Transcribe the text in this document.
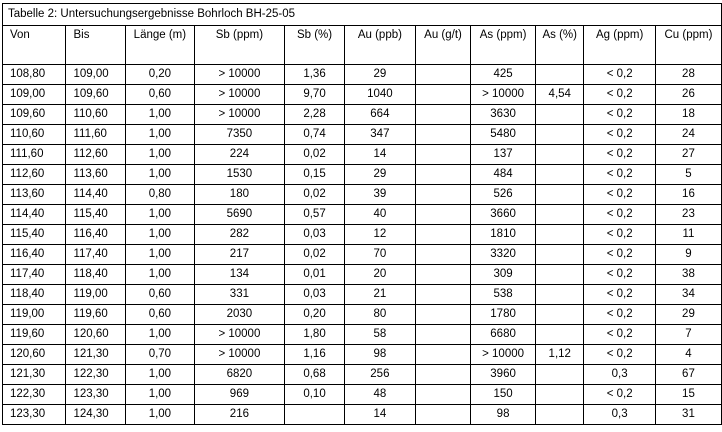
Tabelle 2: Untersuchungsergebnisse Bohrloch BH-25-05										
Von	Bis	Länge (m)	Sb (ppm)	Sb (%)	Au (ppb)	Au (g/t)	As (ppm)	As (%)	Ag (ppm)	Cu (ppm)
108,80	109,00	0,20	> 10000	1,36	29		425		< 0,2	28
109,00	109,60	0,60	> 10000	9,70	1040		> 10000	4,54	< 0,2	26
109,60	110,60	1,00	> 10000	2,28	664		3630		< 0,2	18
110,60	111,60	1,00	7350	0,74	347		5480		< 0,2	24
111,60	112,60	1,00	224	0,02	14		137		< 0,2	27
112,60	113,60	1,00	1530	0,15	29		484		< 0,2	5
113,60	114,40	0,80	180	0,02	39		526		< 0,2	16
114,40	115,40	1,00	5690	0,57	40		3660		< 0,2	23
115,40	116,40	1,00	282	0,03	12		1810		< 0,2	11
116,40	117,40	1,00	217	0,02	70		3320		< 0,2	9
117,40	118,40	1,00	134	0,01	20		309		< 0,2	38
118,40	119,00	0,60	331	0,03	21		538		< 0,2	34
119,00	119,60	0,60	2030	0,20	80		1780		< 0,2	29
119,60	120,60	1,00	> 10000	1,80	58		6680		< 0,2	7
120,60	121,30	0,70	> 10000	1,16	98		> 10000	1,12	< 0,2	4
121,30	122,30	1,00	6820	0,68	256		3960		0,3	67
122,30	123,30	1,00	969	0,10	48		150		< 0,2	15
123,30	124,30	1,00	216		14		98		0,3	31
